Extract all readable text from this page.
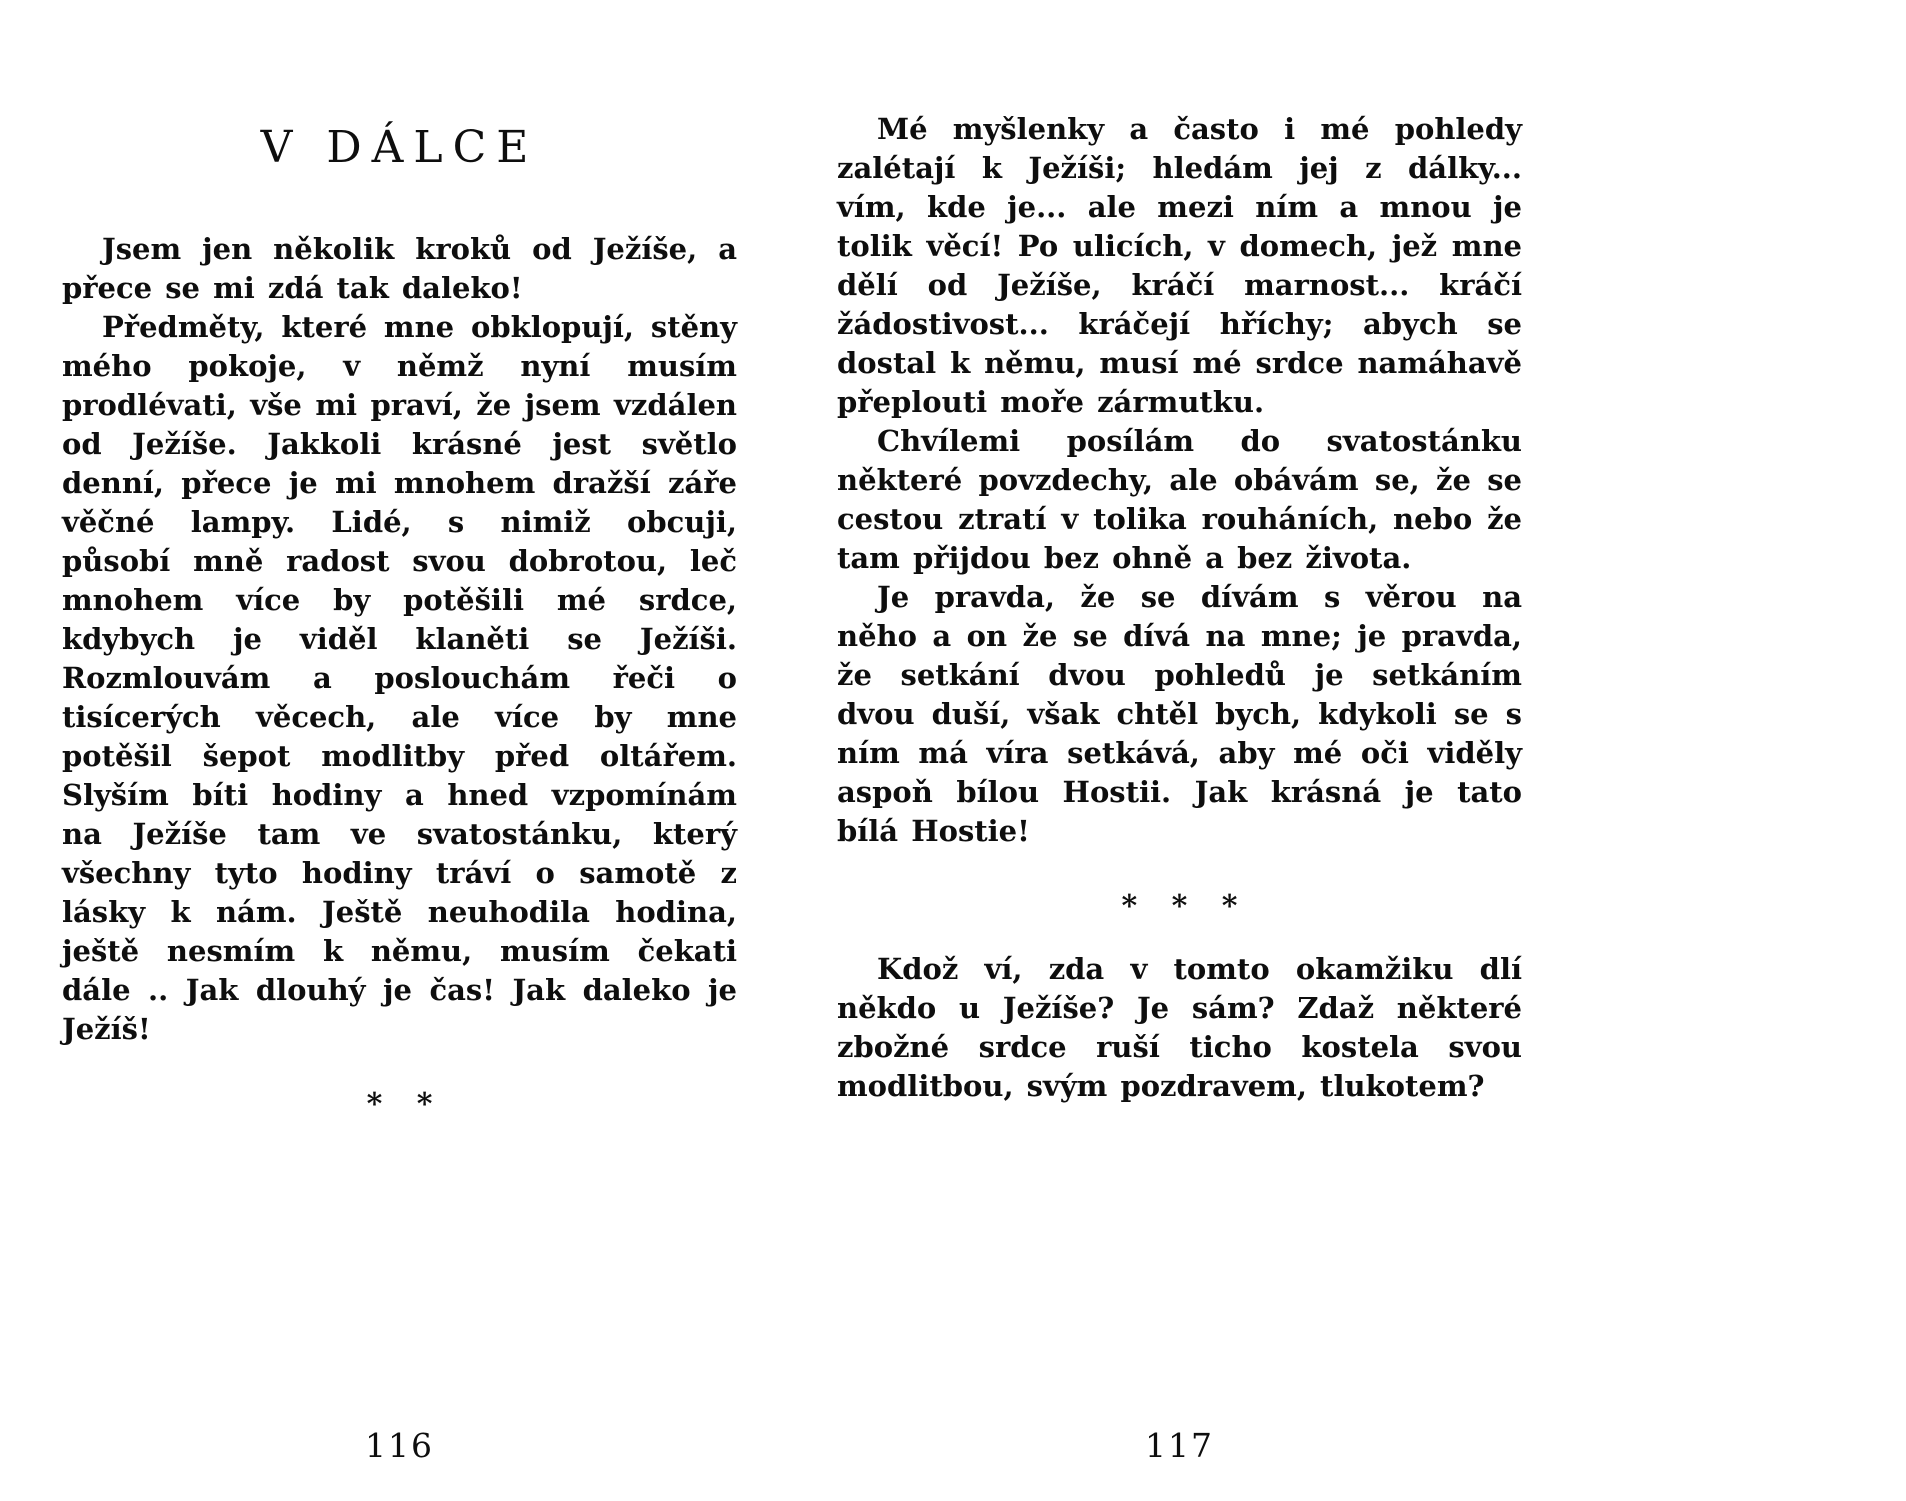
V DÁLCE

Jsem jen několik kroků od Ježíše, a přece se mi zdá tak daleko!

Předměty, které mne obklopují, stěny mého pokoje, v němž nyní musím prodlévati, vše mi praví, že jsem vzdálen od Ježíše. Jakkoli krásné jest světlo denní, přece je mi mnohem dražší záře věčné lampy. Lidé, s nimiž obcuji, působí mně radost svou dobrotou, leč mnohem více by potěšili mé srdce, kdybych je viděl klaněti se Ježíši. Rozmlouvám a poslouchám řeči o tisícerých věcech, ale více by mne potěšil šepot modlitby před oltářem. Slyším bíti hodiny a hned vzpomínám na Ježíše tam ve svatostánku, který všechny tyto hodiny tráví o samotě z lásky k nám. Ještě neuhodila hodina, ještě nesmím k němu, musím čekati dále .. Jak dlouhý je čas! Jak daleko je Ježíš!

* *
116

Mé myšlenky a často i mé pohledy zalétají k Ježíši; hledám jej z dálky... vím, kde je... ale mezi ním a mnou je tolik věcí! Po ulicích, v domech, jež mne dělí od Ježíše, kráčí marnost... kráčí žádostivost... kráčejí hříchy; abych se dostal k němu, musí mé srdce namáhavě přeplouti moře zármutku.

Chvílemi posílám do svatostánku některé povzdechy, ale obávám se, že se cestou ztratí v tolika rouháních, nebo že tam přijdou bez ohně a bez života.

Je pravda, že se dívám s věrou na něho a on že se dívá na mne; je pravda, že setkání dvou pohledů je setkáním dvou duší, však chtěl bych, kdykoli se s ním má víra setkává, aby mé oči viděly aspoň bílou Hostii. Jak krásná je tato bílá Hostie!

* * *

Kdož ví, zda v tomto okamžiku dlí někdo u Ježíše? Je sám? Zdaž některé zbožné srdce ruší ticho kostela svou modlitbou, svým pozdravem, tlukotem?

117
